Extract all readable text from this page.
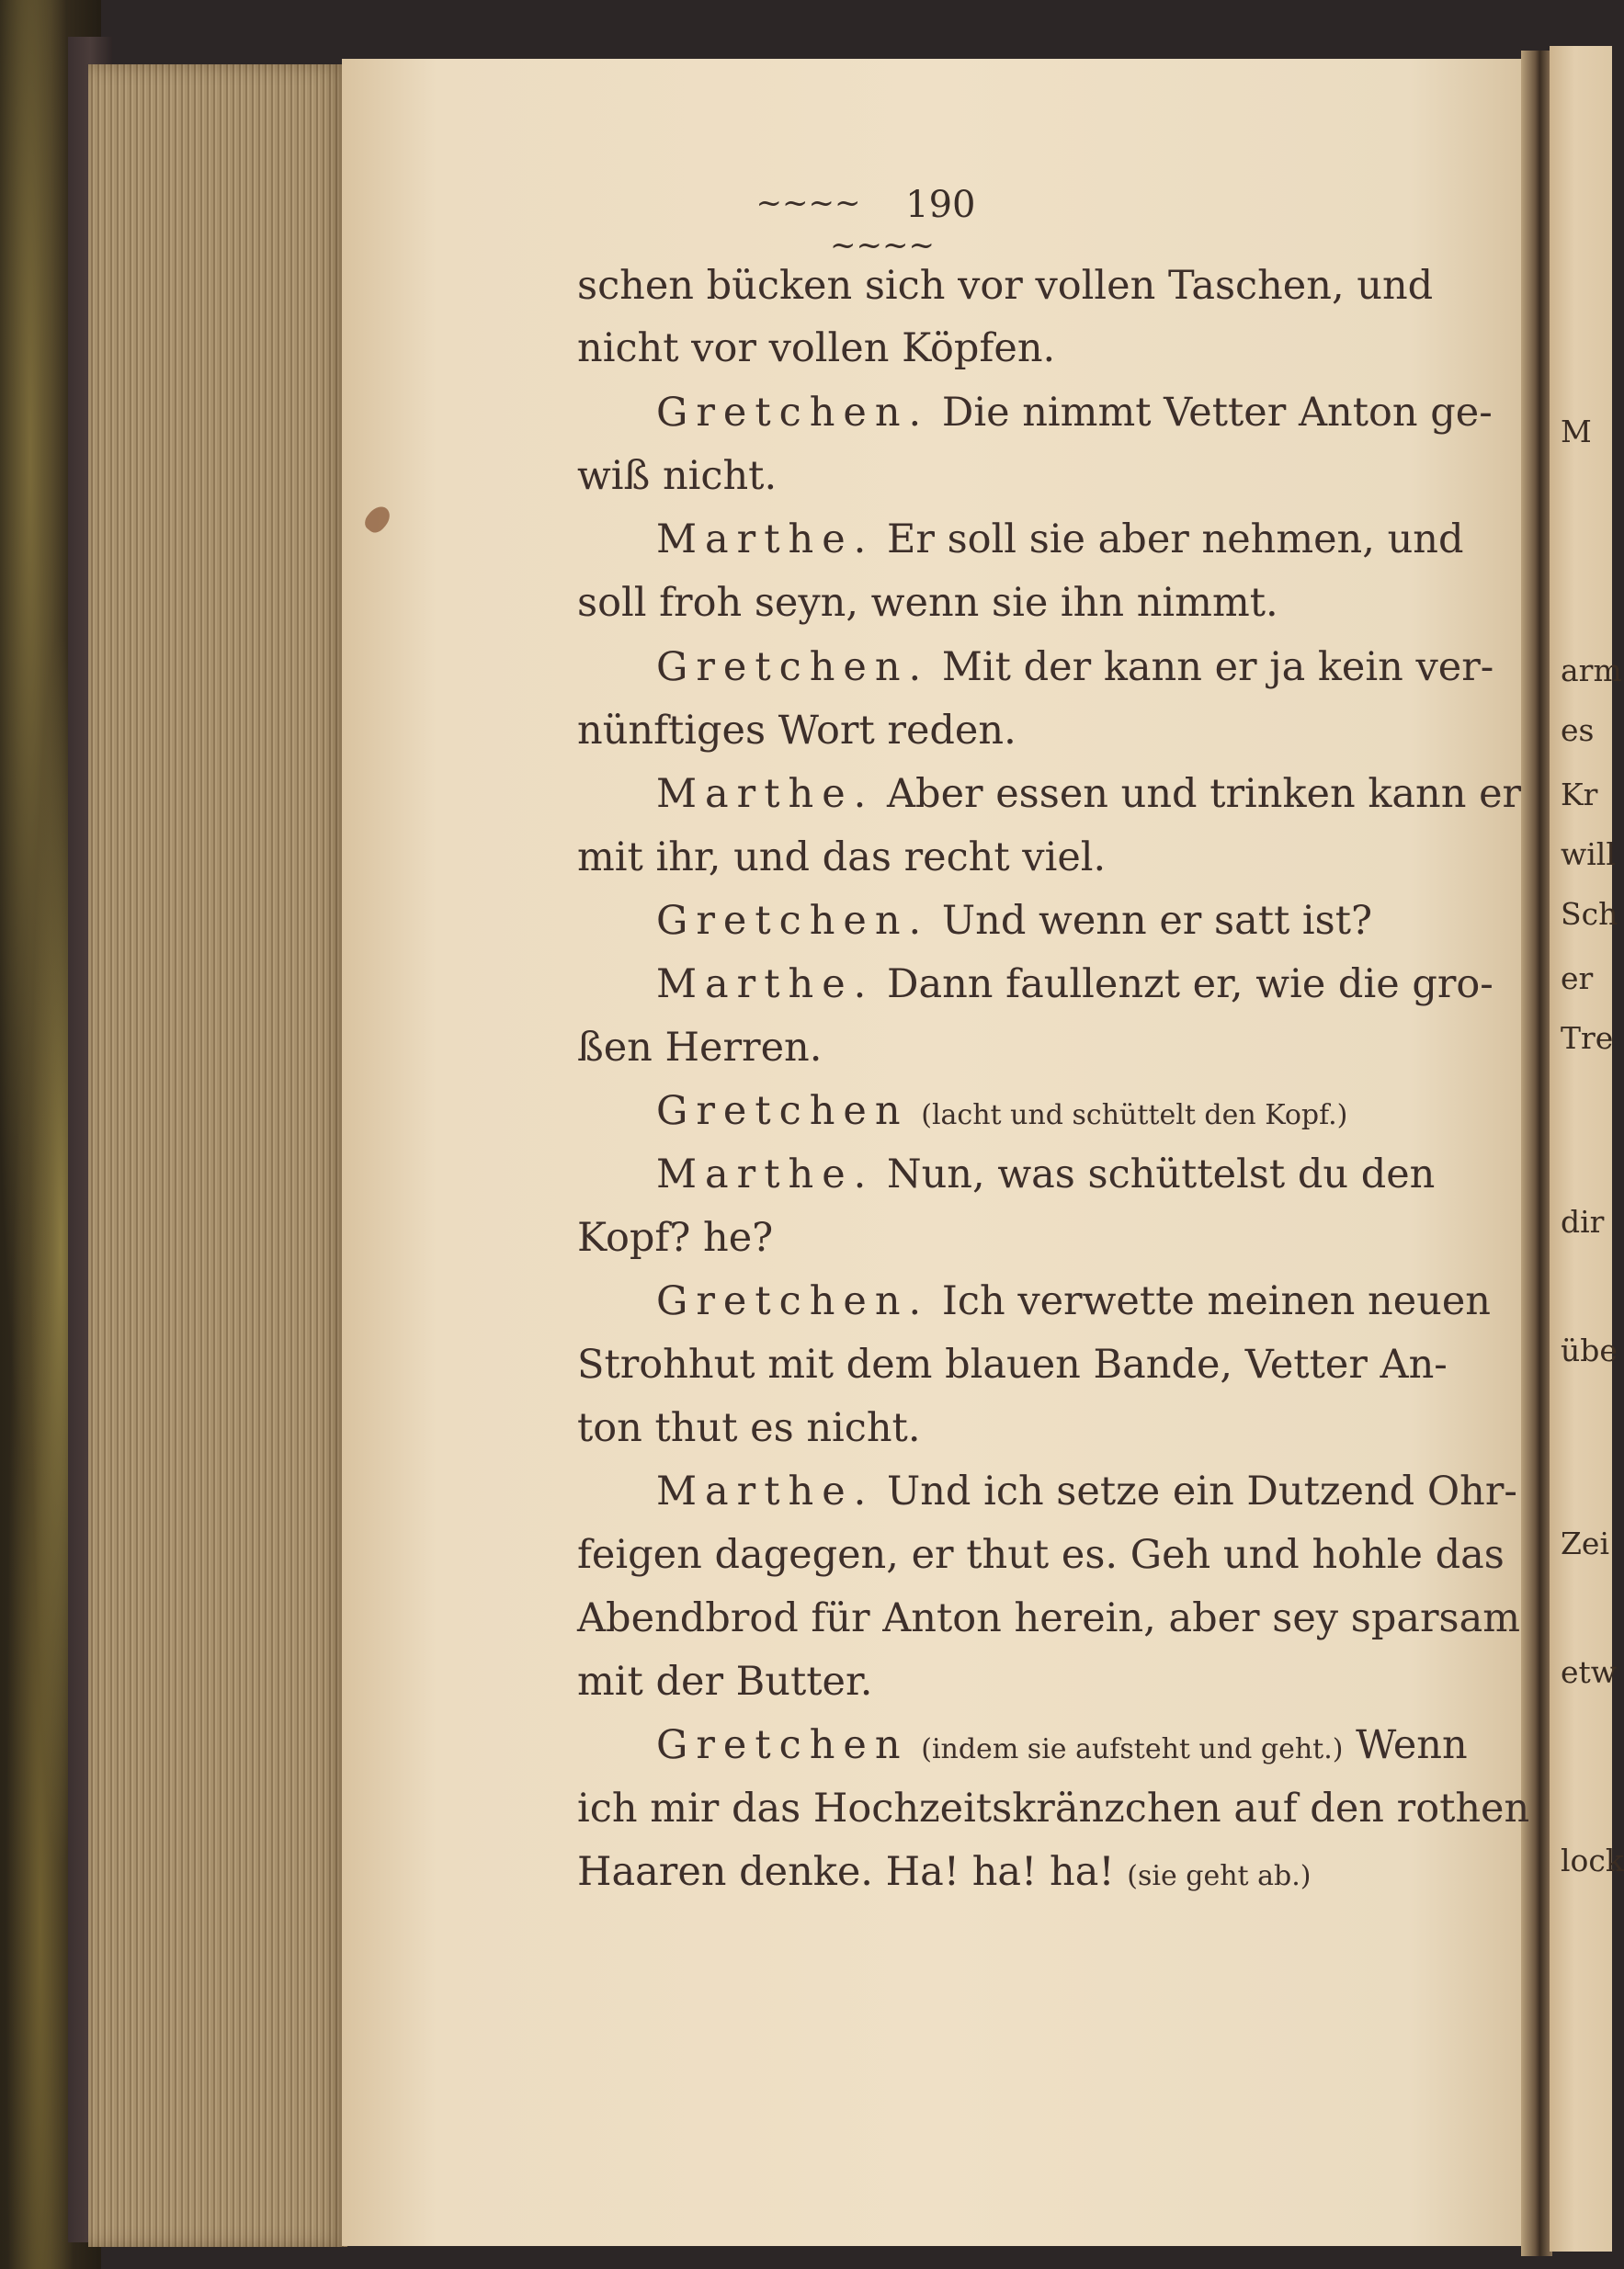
M
arm
es
Kr
will
Sch
er
Tre
dir
übe
Zei
etw
lock
~~~~ 190 ~~~~
schen bücken sich vor vollen Taschen, und
nicht vor vollen Köpfen.
Gretchen. Die nimmt Vetter Anton ge-
wiß nicht.
Marthe. Er soll sie aber nehmen, und
soll froh seyn, wenn sie ihn nimmt.
Gretchen. Mit der kann er ja kein ver-
nünftiges Wort reden.
Marthe. Aber essen und trinken kann er
mit ihr, und das recht viel.
Gretchen. Und wenn er satt ist?
Marthe. Dann faullenzt er, wie die gro-
ßen Herren.
Gretchen (lacht und schüttelt den Kopf.)
Marthe. Nun, was schüttelst du den
Kopf? he?
Gretchen. Ich verwette meinen neuen
Strohhut mit dem blauen Bande, Vetter An-
ton thut es nicht.
Marthe. Und ich setze ein Dutzend Ohr-
feigen dagegen, er thut es. Geh und hohle das
Abendbrod für Anton herein, aber sey sparsam
mit der Butter.
Gretchen (indem sie aufsteht und geht.) Wenn
ich mir das Hochzeitskränzchen auf den rothen
Haaren denke. Ha! ha! ha! (sie geht ab.)
